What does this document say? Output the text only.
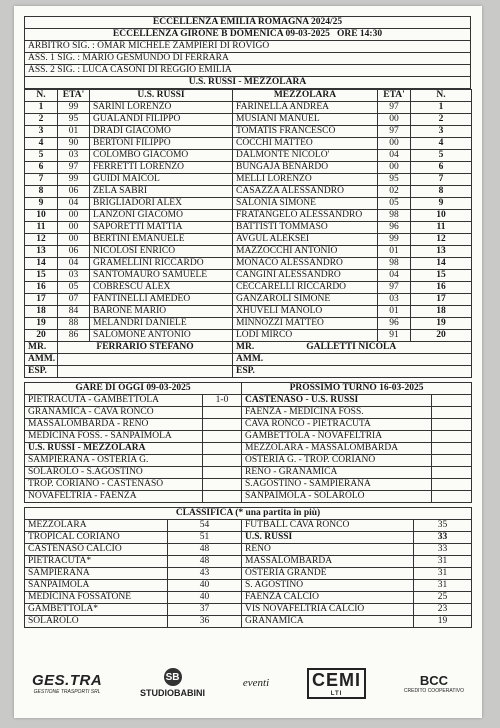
ECCELLENZA EMILIA ROMAGNA 2024/25
ECCELLENZA GIRONE B DOMENICA 09-03-2025 ORE 14:30
ARBITRO SIG. : OMAR MICHELE ZAMPIERI DI ROVIGO
ASS. 1 SIG. : MARIO GESMUNDO DI FERRARA
ASS. 2 SIG. : LUCA CASONI DI REGGIO EMILIA
U.S. RUSSI - MEZZOLARA
N.	ETA'	U.S. RUSSI	MEZZOLARA	ETA'	N.
1	99	SARINI LORENZO	FARINELLA ANDREA	97	1
2	95	GUALANDI FILIPPO	MUSIANI MANUEL	00	2
3	01	DRADI GIACOMO	TOMATIS FRANCESCO	97	3
4	90	BERTONI FILIPPO	COCCHI MATTEO	00	4
5	03	COLOMBO GIACOMO	DALMONTE NICOLO'	04	5
6	97	FERRETTI LORENZO	BUNGAJA BENARDO	00	6
7	99	GUIDI MAICOL	MELLI LORENZO	95	7
8	06	ZELA SABRI	CASAZZA ALESSANDRO	02	8
9	04	BRIGLIADORI ALEX	SALONIA SIMONE	05	9
10	00	LANZONI GIACOMO	FRATANGELO ALESSANDRO	98	10
11	00	SAPORETTI MATTIA	BATTISTI TOMMASO	96	11
12	00	BERTINI EMANUELE	AVGUL ALEKSEI	99	12
13	06	NICOLOSI ENRICO	MAZZOCCHI ANTONIO	01	13
14	04	GRAMELLINI RICCARDO	MONACO ALESSANDRO	98	14
15	03	SANTOMAURO SAMUELE	CANGINI ALESSANDRO	04	15
16	05	COBRESCU ALEX	CECCARELLI RICCARDO	97	16
17	07	FANTINELLI AMEDEO	GANZAROLI SIMONE	03	17
18	84	BARONE MARIO	XHUVELI MANOLO	01	18
19	88	MELANDRI DANIELE	MINNOZZI MATTEO	96	19
20	86	SALOMONE ANTONIO	LODI MIRCO	91	20
MR.	FERRARIO STEFANO		MR. GALLETTI NICOLA		
AMM.			AMM.		
ESP.			ESP.		
GARE DI OGGI 09-03-2025		PROSSIMO TURNO 16-03-2025	
PIETRACUTA - GAMBETTOLA	1-0	CASTENASO - U.S. RUSSI	
GRANAMICA - CAVA RONCO		FAENZA - MEDICINA FOSS.	
MASSALOMBARDA - RENO		CAVA RONCO - PIETRACUTA	
MEDICINA FOSS. - SANPAIMOLA		GAMBETTOLA - NOVAFELTRIA	
U.S. RUSSI - MEZZOLARA		MEZZOLARA - MASSALOMBARDA	
SAMPIERANA - OSTERIA G.		OSTERIA G. - TROP. CORIANO	
SOLAROLO - S.AGOSTINO		RENO - GRANAMICA	
TROP. CORIANO - CASTENASO		S.AGOSTINO - SAMPIERANA	
NOVAFELTRIA - FAENZA		SANPAIMOLA - SOLAROLO	
CLASSIFICA (* una partita in più)			
MEZZOLARA	54	FUTBALL CAVA RONCO	35
TROPICAL CORIANO	51	U.S. RUSSI	33
CASTENASO CALCIO	48	RENO	33
PIETRACUTA*	48	MASSALOMBARDA	31
SAMPIERANA	43	OSTERIA GRANDE	31
SANPAIMOLA	40	S. AGOSTINO	31
MEDICINA FOSSATONE	40	FAENZA CALCIO	25
GAMBETTOLA*	37	VIS NOVAFELTRIA CALCIO	23
SOLAROLO	36	GRANAMICA	19
GES.TRA
GESTIONE TRASPORTI SRL
SB
STUDIOBABINI
eventi CEMI
LTI
BCC
CREDITO COOPERATIVO
